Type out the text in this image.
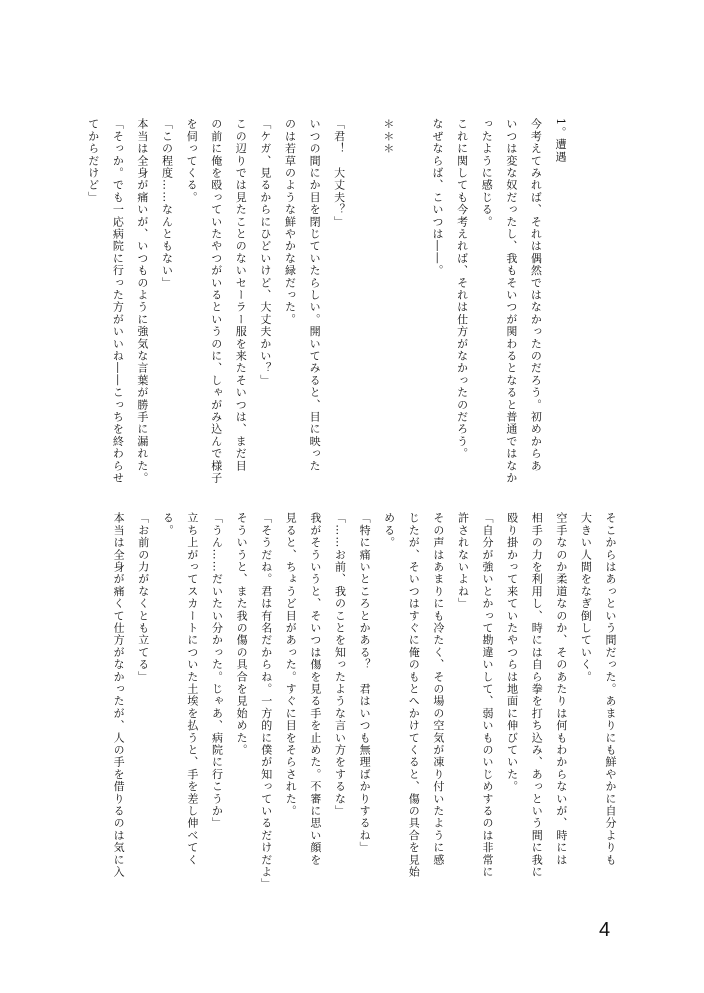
1。遭遇
今考えてみれば、それは偶然ではなかったのだろう。初めからあ
いつは変な奴だったし、我もそいつが関わるとなると普通ではなか
ったように感じる。
これに関しても今考えれば、それは仕方がなかったのだろう。
なぜならば、こいつは――。

＊＊＊

「君！　大丈夫？」
いつの間にか目を閉じていたらしい。開いてみると、目に映った
のは若草のような鮮やかな緑だった。
「ケガ、見るからにひどいけど、大丈夫かい？」
この辺りでは見たことのないセーラー服を来たそいつは、まだ目
の前に俺を殴っていたやつがいるというのに、しゃがみ込んで様子
を伺ってくる。
「この程度……なんともない」
本当は全身が痛いが、いつものように強気な言葉が勝手に漏れた。
「そっか。でも一応病院に行った方がいいね――こっちを終わらせ
てからだけど」
そこからはあっという間だった。あまりにも鮮やかに自分よりも
大きい人間をなぎ倒していく。
空手なのか柔道なのか、そのあたりは何もわからないが、時には
相手の力を利用し、時には自ら拳を打ち込み、あっという間に我に
殴り掛かって来ていたやつらは地面に伸びていた。
「自分が強いとかって勘違いして、弱いものいじめするのは非常に
許されないよね」
その声はあまりにも冷たく、その場の空気が凍り付いたように感
じたが、そいつはすぐに俺のもとへかけてくると、傷の具合を見始
める。
「特に痛いところとかある？　君はいつも無理ばかりするね」
「……お前、我のことを知ったような言い方をするな」
我がそういうと、そいつは傷を見る手を止めた。不審に思い顔を
見ると、ちょうど目があった。すぐに目をそらされた。
「そうだね。君は有名だからね。一方的に僕が知っているだけだよ」
そういうと、また我の傷の具合を見始めた。
「うん……だいたい分かった。じゃあ、病院に行こうか」
立ち上がってスカートについた土埃を払うと、手を差し伸べてく
る。
「お前の力がなくとも立てる」
本当は全身が痛くて仕方がなかったが、人の手を借りるのは気に入
4
